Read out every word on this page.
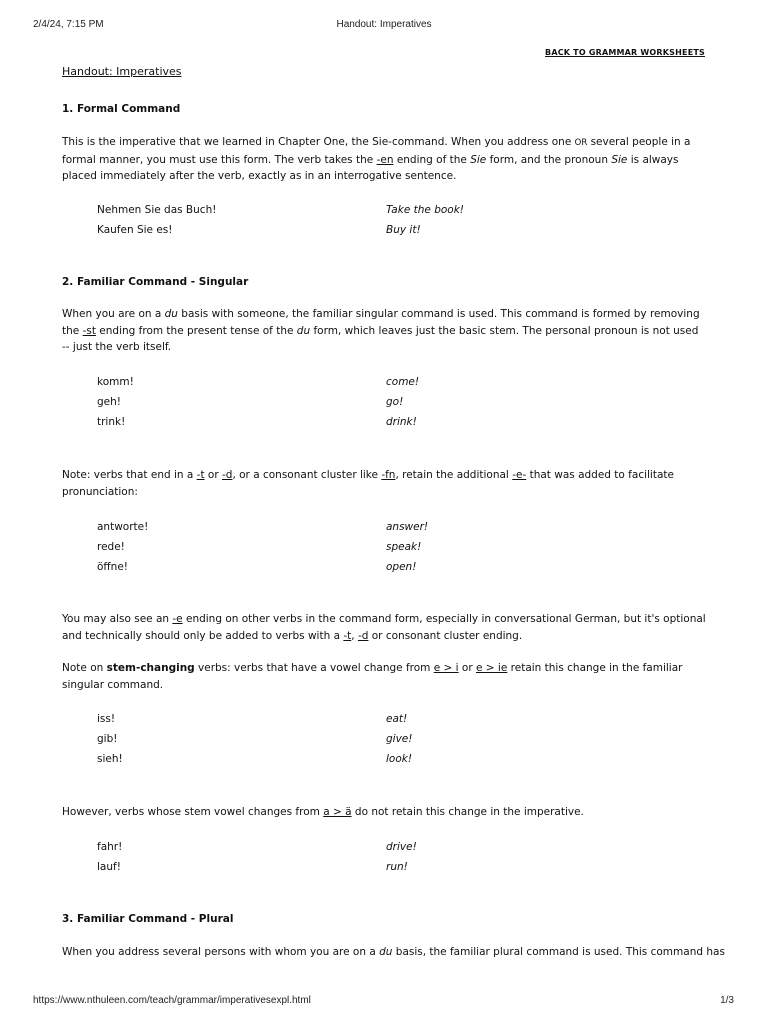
2/4/24, 7:15 PM	Handout: Imperatives
BACK TO GRAMMAR WORKSHEETS
Handout: Imperatives
1. Formal Command

This is the imperative that we learned in Chapter One, the Sie-command. When you address one OR several people in a formal manner, you must use this form. The verb takes the -en ending of the Sie form, and the pronoun Sie is always placed immediately after the verb, exactly as in an interrogative sentence.

Nehmen Sie das Buch!	Take the book!
Kaufen Sie es!	Buy it!
2. Familiar Command - Singular

When you are on a du basis with someone, the familiar singular command is used. This command is formed by removing the -st ending from the present tense of the du form, which leaves just the basic stem. The personal pronoun is not used -- just the verb itself.

komm!	come!
geh!	go!
trink!	drink!

Note: verbs that end in a -t or -d, or a consonant cluster like -fn, retain the additional -e- that was added to facilitate pronunciation:

antworte!	answer!
rede!	speak!
öffne!	open!

You may also see an -e ending on other verbs in the command form, especially in conversational German, but it's optional and technically should only be added to verbs with a -t, -d or consonant cluster ending.

Note on stem-changing verbs: verbs that have a vowel change from e > i or e > ie retain this change in the familiar singular command.

iss!	eat!
gib!	give!
sieh!	look!

However, verbs whose stem vowel changes from a > ä do not retain this change in the imperative.

fahr!	drive!
lauf!	run!
3. Familiar Command - Plural

When you address several persons with whom you are on a du basis, the familiar plural command is used. This command has

https://www.nthuleen.com/teach/grammar/imperativesexpl.html	1/3
